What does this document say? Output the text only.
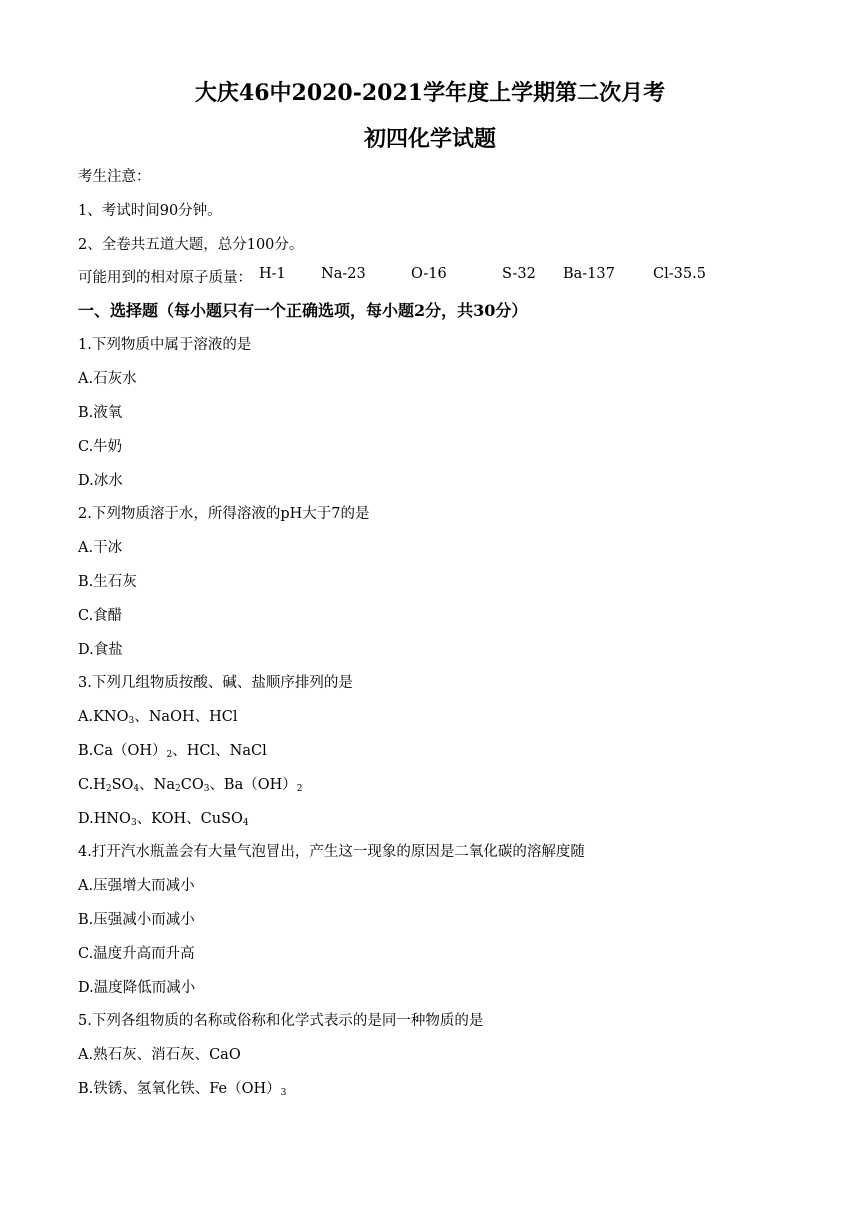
大庆46中2020-2021学年度上学期第二次月考
初四化学试题
考生注意：
1、考试时间90分钟。
2、全卷共五道大题，总分100分。
可能用到的相对原子质量： H-1 Na-23	O-16	S-32 Ba-137	Cl-35.5
一、选择题（每小题只有一个正确选项，每小题2分，共30分）
1.下列物质中属于溶液的是
A.石灰水
B.液氧
C.牛奶
D.冰水
2.下列物质溶于水，所得溶液的pH大于7的是
A.干冰
B.生石灰
C.食醋
D.食盐
3.下列几组物质按酸、碱、盐顺序排列的是
$A.KNO_3$、NaOH、HCl
$B.Ca(OH)_2$、HCl、NaCl
$C.H_2SO_4$、$Na_2CO_3$、$Ba(OH)_2$
$D.HNO_3$、KOH、CuSO$_4$
4.打开汽水瓶盖会有大量气泡冒出，产生这一现象的原因是二氧化碳的溶解度随
A.压强增大而减小
B.压强减小而减小
C.温度升高而升高
D.温度降低而减小
5.下列各组物质的名称或俗称和化学式表示的是同一种物质的是
A.熟石灰、消石灰、CaO
B.铁锈、氢氧化铁、$Fe(OH)_3$
